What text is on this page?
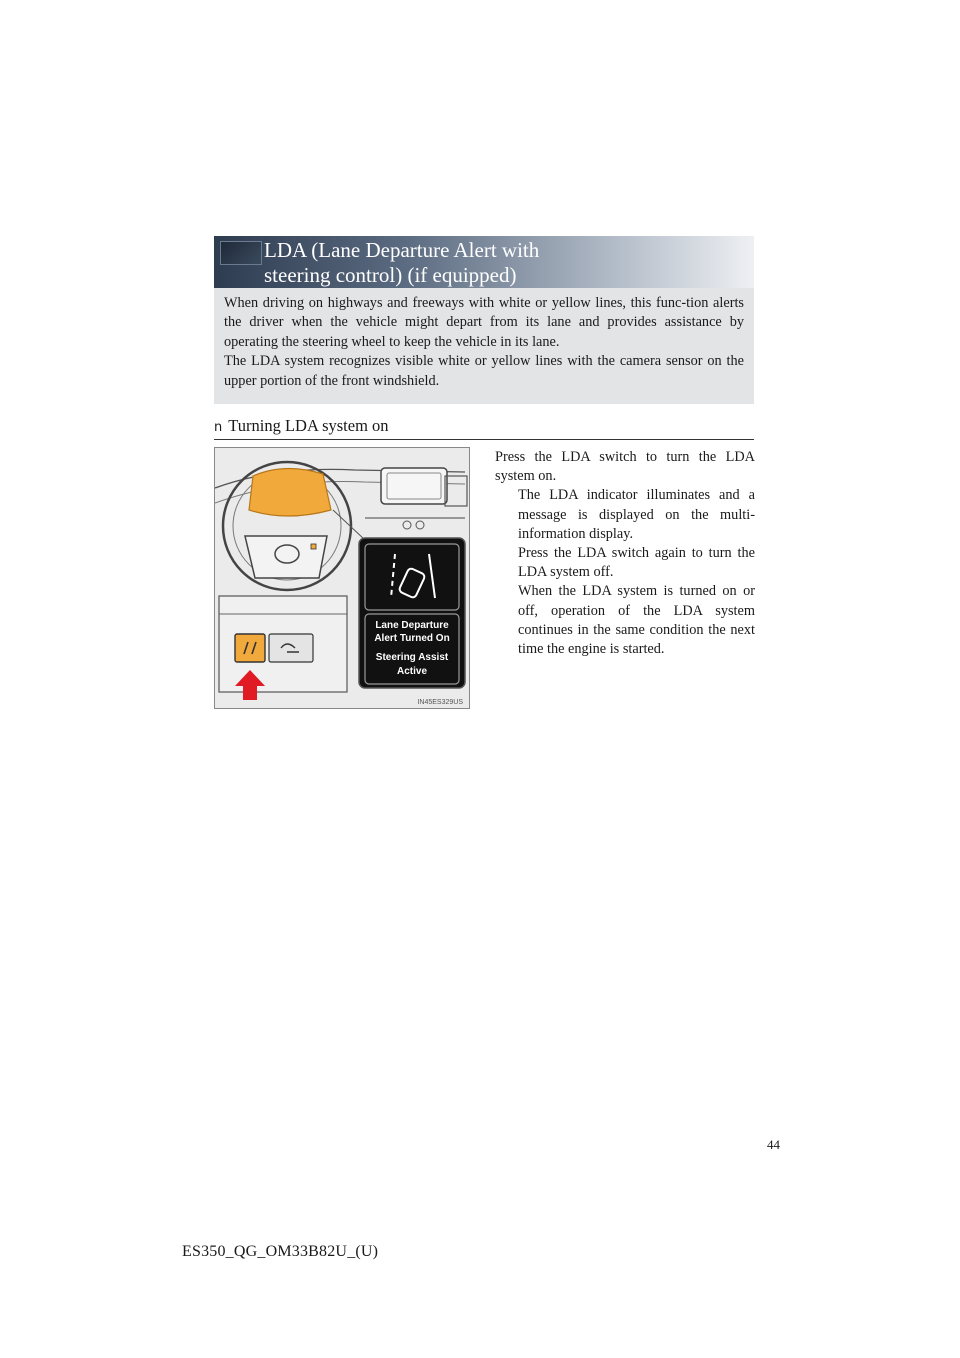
LDA (Lane Departure Alert with
steering control) (if equipped)

When driving on highways and freeways with white or yellow lines, this func-tion alerts the driver when the vehicle might depart from its lane and provides assistance by operating the steering wheel to keep the vehicle in its lane.

The LDA system recognizes visible white or yellow lines with the camera sensor on the upper portion of the front windshield.

n Turning LDA system on
Lane Departure
Alert Turned On
Steering Assist
Active
IN45ES329US

Press the LDA switch to turn the LDA system on.

The LDA indicator illuminates and a message is displayed on the multi-information display.

Press the LDA switch again to turn the LDA system off.

When the LDA system is turned on or off, operation of the LDA system continues in the same condition the next time the engine is started.

44
ES350_QG_OM33B82U_(U)
